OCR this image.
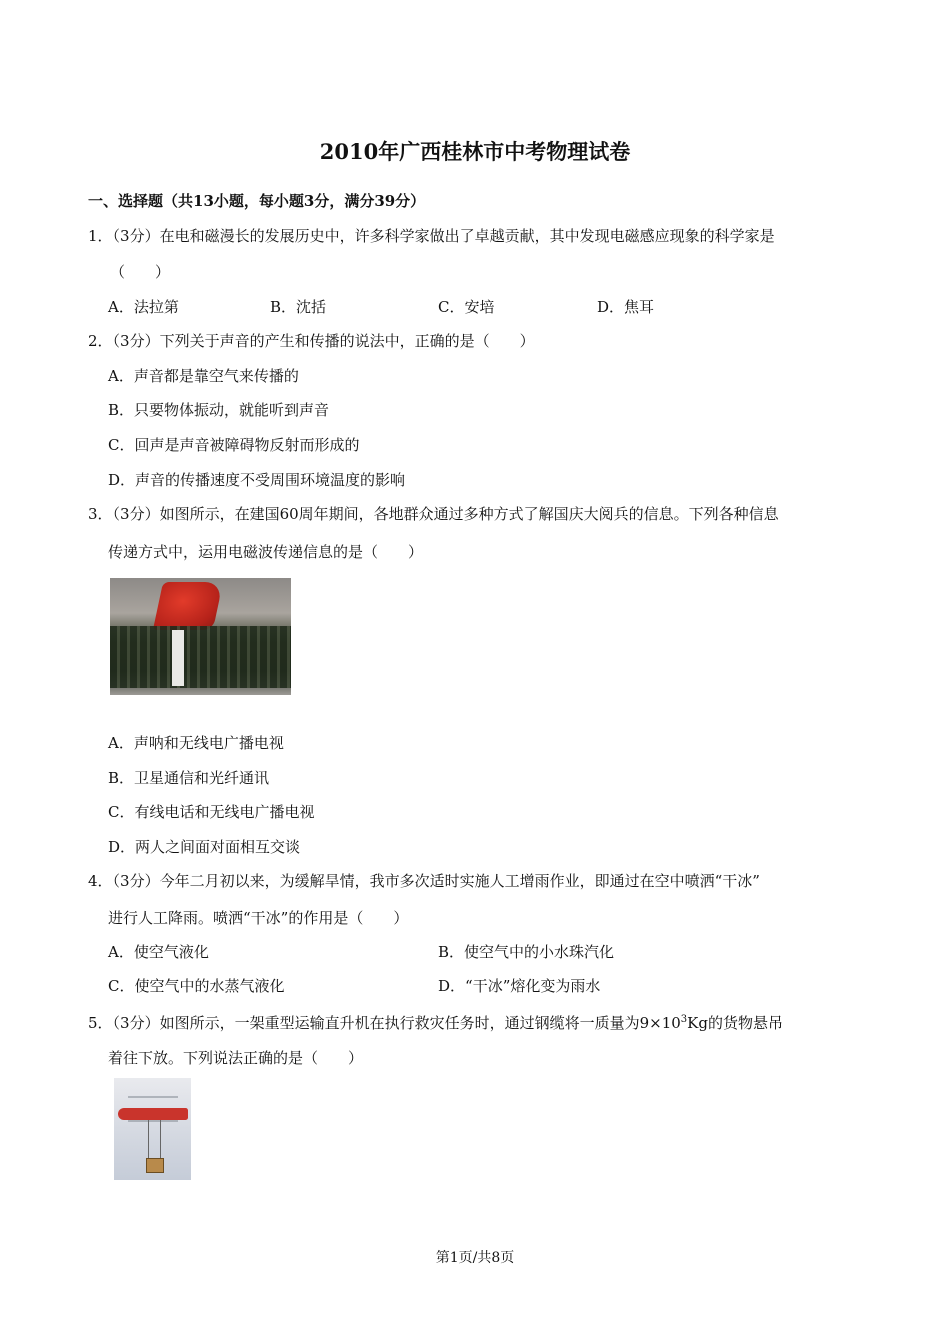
2010年广西桂林市中考物理试卷
一、选择题（共13小题，每小题3分，满分39分）
1．（3分）在电和磁漫长的发展历史中，许多科学家做出了卓越贡献，其中发现电磁感应现象的科学家是
（　　）
A．法拉第	B．沈括	C．安培	D．焦耳
2．（3分）下列关于声音的产生和传播的说法中，正确的是（　　）
A．声音都是靠空气来传播的
B．只要物体振动，就能听到声音
C．回声是声音被障碍物反射而形成的
D．声音的传播速度不受周围环境温度的影响
3．（3分）如图所示，在建国60周年期间，各地群众通过多种方式了解国庆大阅兵的信息。下列各种信息
传递方式中，运用电磁波传递信息的是（　　）
A．声呐和无线电广播电视
B．卫星通信和光纤通讯
C．有线电话和无线电广播电视
D．两人之间面对面相互交谈
4．（3分）今年二月初以来，为缓解旱情，我市多次适时实施人工增雨作业，即通过在空中喷洒“干冰”
进行人工降雨。喷洒“干冰”的作用是（　　）
A．使空气液化	B．使空气中的小水珠汽化
C．使空气中的水蒸气液化	D．“干冰”熔化变为雨水
5．（3分）如图所示，一架重型运输直升机在执行救灾任务时，通过钢缆将一质量为$9\times 10^3Kg$的货物悬吊
着往下放。下列说法正确的是（　　）
第1页/共8页
